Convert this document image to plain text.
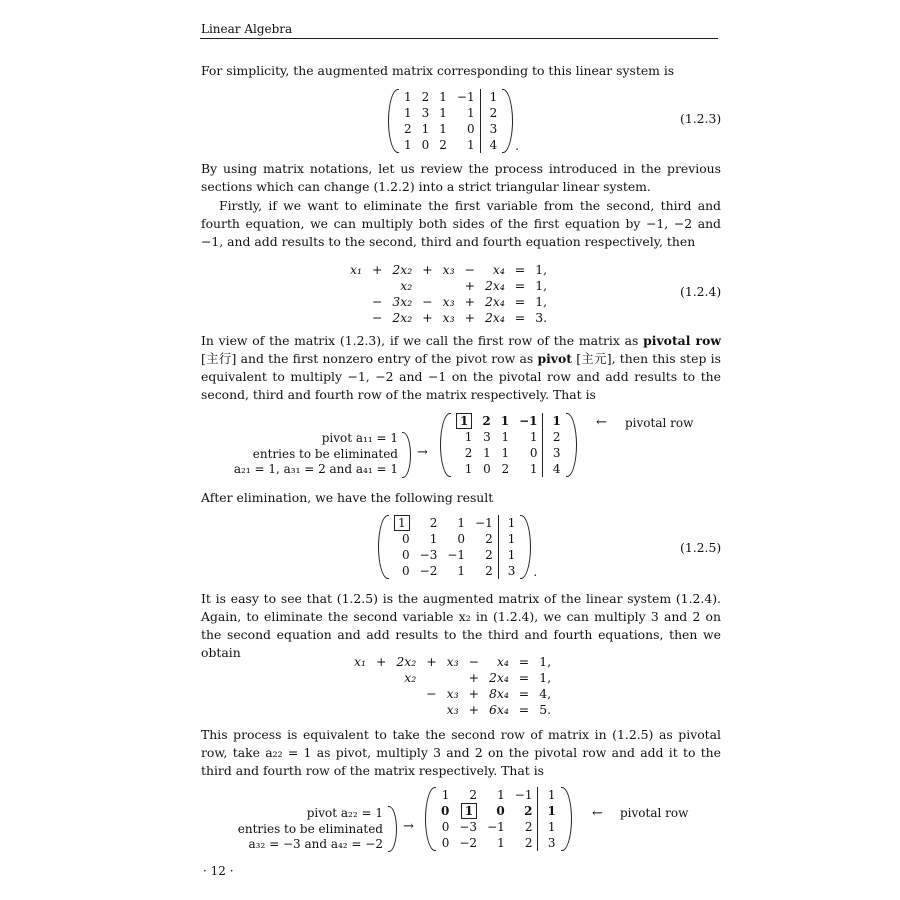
Linear Algebra

For simplicity, the augmented matrix corresponding to this linear system is

1	2	1	−1	1
1	3	1	1	2
2	1	1	0	3
1	0	2	1	4 .
(1.2.3)

By using matrix notations, let us review the process introduced in the previous sections which can change (1.2.2) into a strict triangular linear system.

Firstly, if we want to eliminate the first variable from the second, third and fourth equation, we can multiply both sides of the first equation by −1, −2 and −1, and add results to the second, third and fourth equation respectively, then

x₁	+	2x₂	+	x₃	−	x₄	=	1,
		x₂			+	2x₄	=	1,
	−	3x₂	−	x₃	+	2x₄	=	1,
	−	2x₂	+	x₃	+	2x₄	=	3.
(1.2.4)

In view of the matrix (1.2.3), if we call the first row of the matrix as pivotal row [主行] and the first nonzero entry of the pivot row as pivot [主元], then this step is equivalent to multiply −1, −2 and −1 on the pivotal row and add results to the second, third and fourth row of the matrix respectively. That is

pivot a₁₁ = 1
entries to be eliminated
a₂₁ = 1, a₃₁ = 2 and a₄₁ = 1
→
1	2	1	−1	1
1	3	1	1	2
2	1	1	0	3
1	0	2	1	4
← pivotal row

After elimination, we have the following result

1	2	1	−1	1
0	1	0	2	1
0	−3	−1	2	1
0	−2	1	2	3 .
(1.2.5)

It is easy to see that (1.2.5) is the augmented matrix of the linear system (1.2.4). Again, to eliminate the second variable x₂ in (1.2.4), we can multiply 3 and 2 on the second equation and add results to the third and fourth equations, then we obtain

x₁	+	2x₂	+	x₃	−	x₄	=	1,
		x₂			+	2x₄	=	1,
			−	x₃	+	8x₄	=	4,
				x₃	+	6x₄	=	5.

This process is equivalent to take the second row of matrix in (1.2.5) as pivotal row, take a₂₂ = 1 as pivot, multiply 3 and 2 on the pivotal row and add it to the third and fourth row of the matrix respectively. That is

pivot a₂₂ = 1
entries to be eliminated
a₃₂ = −3 and a₄₂ = −2
→
1	2	1	−1	1
0	1	0	2	1
0	−3	−1	2	1
0	−2	1	2	3
← pivotal row
· 12 ·
